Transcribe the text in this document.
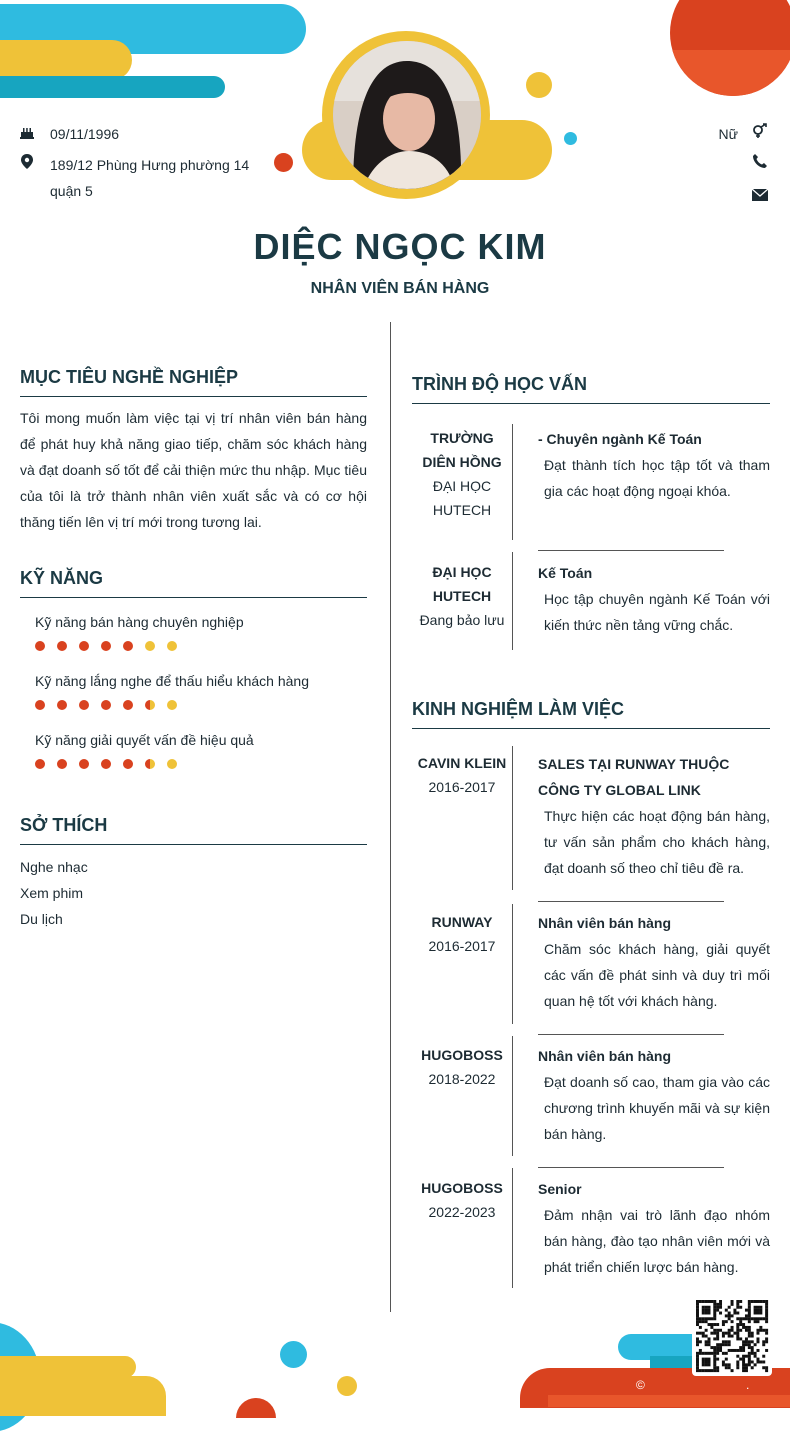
09/11/1996
189/12 Phùng Hưng phường 14 quận 5
Nữ
DIỆC NGỌC KIM
NHÂN VIÊN BÁN HÀNG
MỤC TIÊU NGHỀ NGHIỆP
Tôi mong muốn làm việc tại vị trí nhân viên bán hàng để phát huy khả năng giao tiếp, chăm sóc khách hàng và đạt doanh số tốt để cải thiện mức thu nhập. Mục tiêu của tôi là trở thành nhân viên xuất sắc và có cơ hội thăng tiến lên vị trí mới trong tương lai.
KỸ NĂNG
Kỹ năng bán hàng chuyên nghiệp
Kỹ năng lắng nghe để thấu hiểu khách hàng
Kỹ năng giải quyết vấn đề hiệu quả
SỞ THÍCH
Nghe nhạc
Xem phim
Du lịch
TRÌNH ĐỘ HỌC VẤN
TRƯỜNG DIÊN HỒNG
ĐẠI HỌC HUTECH
- Chuyên ngành Kế Toán
Đạt thành tích học tập tốt và tham gia các hoạt động ngoại khóa.
ĐẠI HỌC HUTECH
Đang bảo lưu
Kế Toán
Học tập chuyên ngành Kế Toán với kiến thức nền tảng vững chắc.
KINH NGHIỆM LÀM VIỆC
CAVIN KLEIN
2016-2017
SALES TẠI RUNWAY THUỘC CÔNG TY GLOBAL LINK
Thực hiện các hoạt động bán hàng, tư vấn sản phẩm cho khách hàng, đạt doanh số theo chỉ tiêu đề ra.
RUNWAY
2016-2017
Nhân viên bán hàng
Chăm sóc khách hàng, giải quyết các vấn đề phát sinh và duy trì mối quan hệ tốt với khách hàng.
HUGOBOSS
2018-2022
Nhân viên bán hàng
Đạt doanh số cao, tham gia vào các chương trình khuyến mãi và sự kiện bán hàng.
HUGOBOSS
2022-2023
Senior
Đảm nhận vai trò lãnh đạo nhóm bán hàng, đào tạo nhân viên mới và phát triển chiến lược bán hàng.
©	.
